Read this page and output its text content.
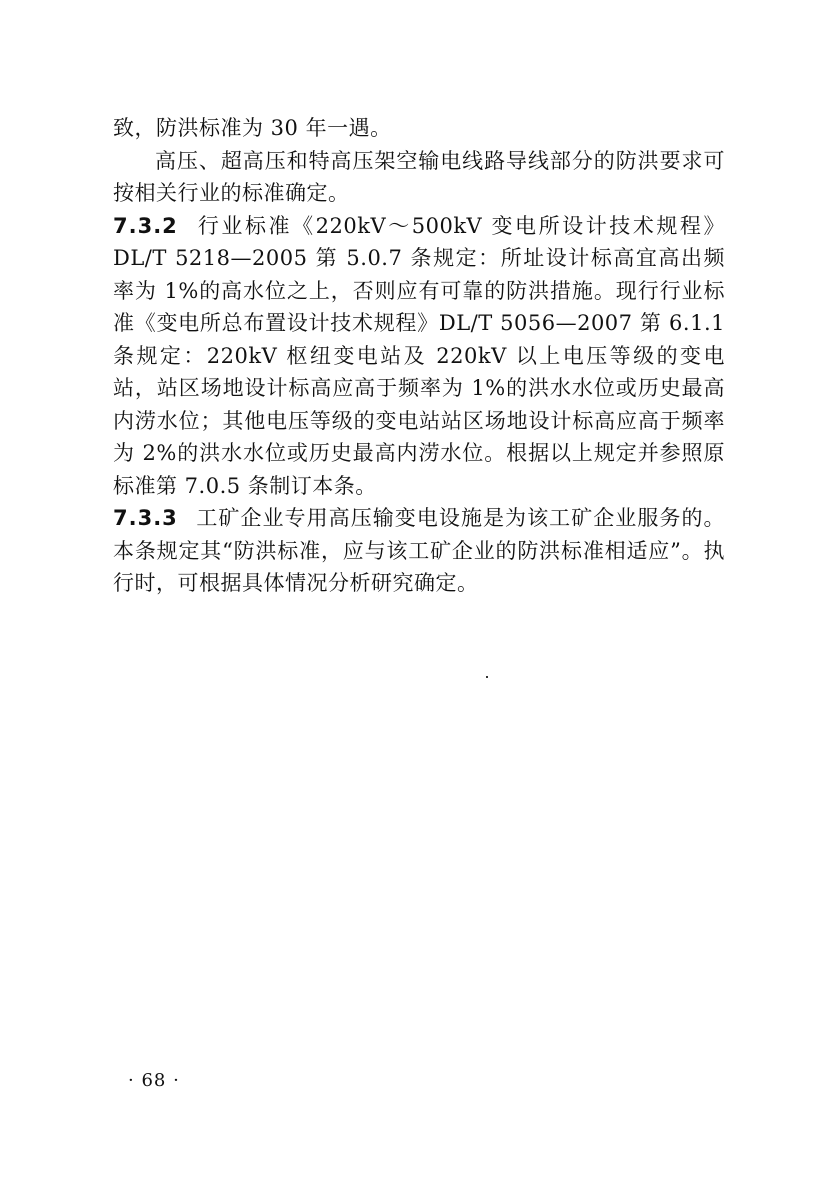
致，防洪标准为 30 年一遇。

高压、超高压和特高压架空输电线路导线部分的防洪要求可按相关行业的标准确定。

7.3.2 行业标准《220kV～500kV 变电所设计技术规程》DL/T 5218—2005 第 5.0.7 条规定：所址设计标高宜高出频率为 1%的高水位之上，否则应有可靠的防洪措施。现行行业标准《变电所总布置设计技术规程》DL/T 5056—2007 第 6.1.1 条规定：220kV 枢纽变电站及 220kV 以上电压等级的变电站，站区场地设计标高应高于频率为 1%的洪水水位或历史最高内涝水位；其他电压等级的变电站站区场地设计标高应高于频率为 2%的洪水水位或历史最高内涝水位。根据以上规定并参照原标准第 7.0.5 条制订本条。

7.3.3 工矿企业专用高压输变电设施是为该工矿企业服务的。本条规定其“防洪标准，应与该工矿企业的防洪标准相适应”。执行时，可根据具体情况分析研究确定。

· 68 ·
